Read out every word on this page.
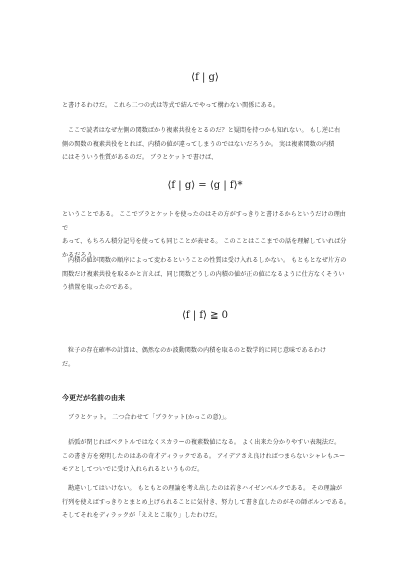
⟨f | g⟩

と書けるわけだ。 これら二つの式は等式で結んでやって構わない関係にある。

ここで読者はなぜ左側の関数ばかり複素共役をとるのだ？と疑問を持つかも知れない。 もし逆に右
側の関数の複素共役をとれば、内積の値が違ってしまうのではないだろうか。 実は複素関数の内積
にはそういう性質があるのだ。 ブラとケットで書けば、

⟨f | g⟩ = ⟨g | f⟩*

ということである。 ここでブラとケットを使ったのはその方がすっきりと書けるからというだけの理由で
あって、もちろん積分記号を使っても同じことが表せる。 このことはここまでの話を理解していれば分
かるだろう。

内積の値が関数の順序によって変わるということの性質は受け入れるしかない。 もともとなぜ片方の
関数だけ複素共役を取るかと言えば、同じ関数どうしの内積の値が正の値になるように仕方なくそうい
う措置を取ったのである。

⟨f | f⟩ ≧ 0

粒子の存在確率の計算は、偶然なのか波動関数の内積を取るのと数学的に同じ意味であるわけ
だ。

今更だが名前の由来

ブラとケット。 二つ合わせて「ブラケット(かっこの意)」。

括弧が閉じればベクトルではなくスカラーの複素数値になる。 よく出来た分かりやすい表現法だ。
この書き方を発明したのはあの奇才ディラックである。 アイデアさえ良ければつまらないシャレもユー
モアとしてついでに受け入れられるというものだ。

勘違いしてはいけない。 もともとの理論を考え出したのは若きハイゼンベルクである。 その理論が
行列を使えばすっきりとまとめ上げられることに気付き、努力して書き直したのがその師ボルンである。
そしてそれをディラックが「ええとこ取り」したわけだ。
